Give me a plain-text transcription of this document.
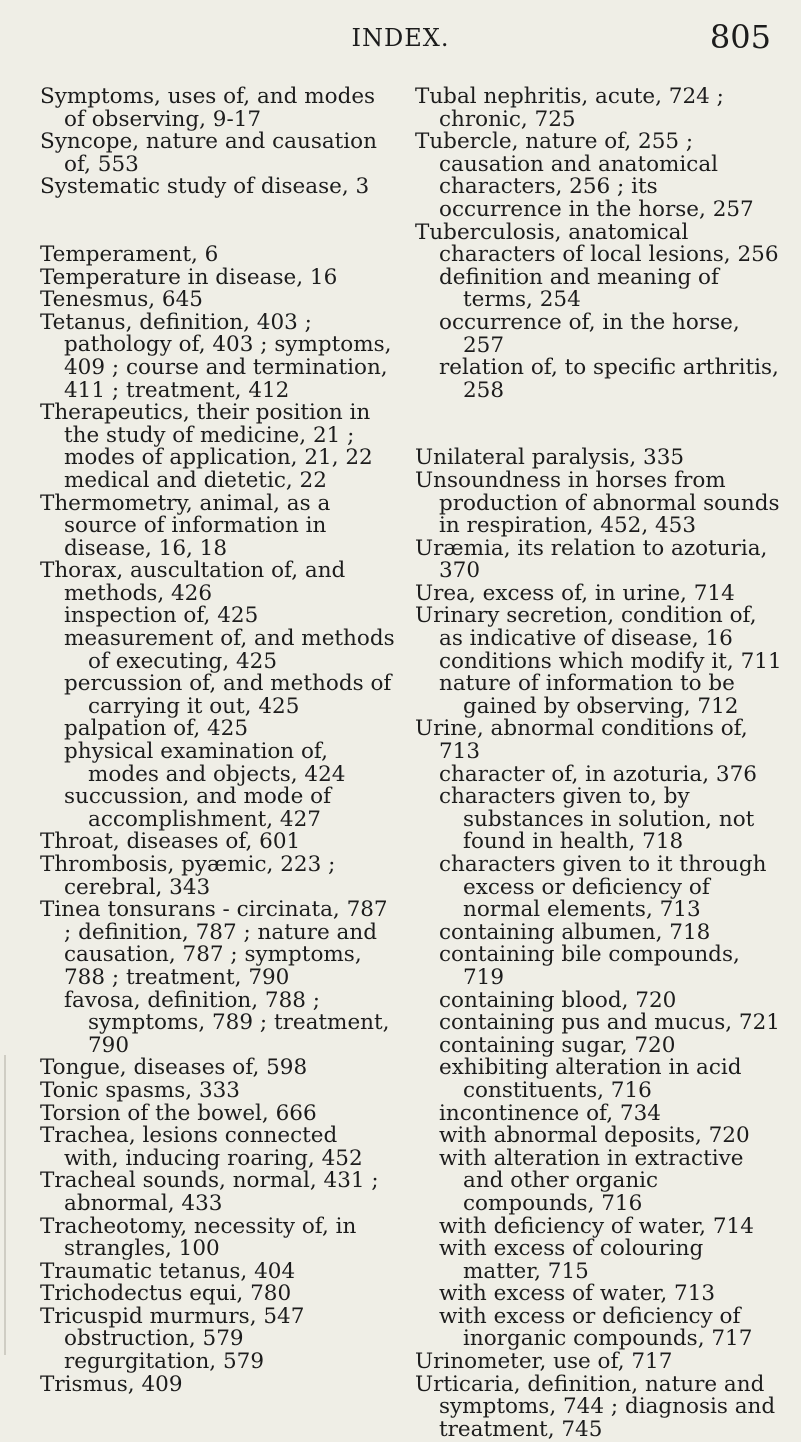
INDEX.	805
Symptoms, uses of, and modes of observing, 9-17
Syncope, nature and causation of, 553
Systematic study of disease, 3
Temperament, 6
Temperature in disease, 16
Tenesmus, 645
Tetanus, definition, 403 ; pathology of, 403 ; symptoms, 409 ; course and termination, 411 ; treatment, 412
Therapeutics, their position in the study of medicine, 21 ; modes of application, 21, 22
medical and dietetic, 22
Thermometry, animal, as a source of information in disease, 16, 18
Thorax, auscultation of, and methods, 426
inspection of, 425
measurement of, and methods of executing, 425
percussion of, and methods of carrying it out, 425
palpation of, 425
physical examination of, modes and objects, 424
succussion, and mode of accomplishment, 427
Throat, diseases of, 601
Thrombosis, pyæmic, 223 ; cerebral, 343
Tinea tonsurans - circinata, 787 ; definition, 787 ; nature and causation, 787 ; symptoms, 788 ; treatment, 790
favosa, definition, 788 ; symptoms, 789 ; treatment, 790
Tongue, diseases of, 598
Tonic spasms, 333
Torsion of the bowel, 666
Trachea, lesions connected with, inducing roaring, 452
Tracheal sounds, normal, 431 ; abnormal, 433
Tracheotomy, necessity of, in strangles, 100
Traumatic tetanus, 404
Trichodectus equi, 780
Tricuspid murmurs, 547
obstruction, 579
regurgitation, 579
Trismus, 409
Tubal nephritis, acute, 724 ; chronic, 725
Tubercle, nature of, 255 ; causation and anatomical characters, 256 ; its occurrence in the horse, 257
Tuberculosis, anatomical characters of local lesions, 256
definition and meaning of terms, 254
occurrence of, in the horse, 257
relation of, to specific arthritis, 258
Unilateral paralysis, 335
Unsoundness in horses from production of abnormal sounds in respiration, 452, 453
Uræmia, its relation to azoturia, 370
Urea, excess of, in urine, 714
Urinary secretion, condition of, as indicative of disease, 16
conditions which modify it, 711
nature of information to be gained by observing, 712
Urine, abnormal conditions of, 713
character of, in azoturia, 376
characters given to, by substances in solution, not found in health, 718
characters given to it through excess or deficiency of normal elements, 713
containing albumen, 718
containing bile compounds, 719
containing blood, 720
containing pus and mucus, 721
containing sugar, 720
exhibiting alteration in acid constituents, 716
incontinence of, 734
with abnormal deposits, 720
with alteration in extractive and other organic compounds, 716
with deficiency of water, 714
with excess of colouring matter, 715
with excess of water, 713
with excess or deficiency of inorganic compounds, 717
Urinometer, use of, 717
Urticaria, definition, nature and symptoms, 744 ; diagnosis and treatment, 745
